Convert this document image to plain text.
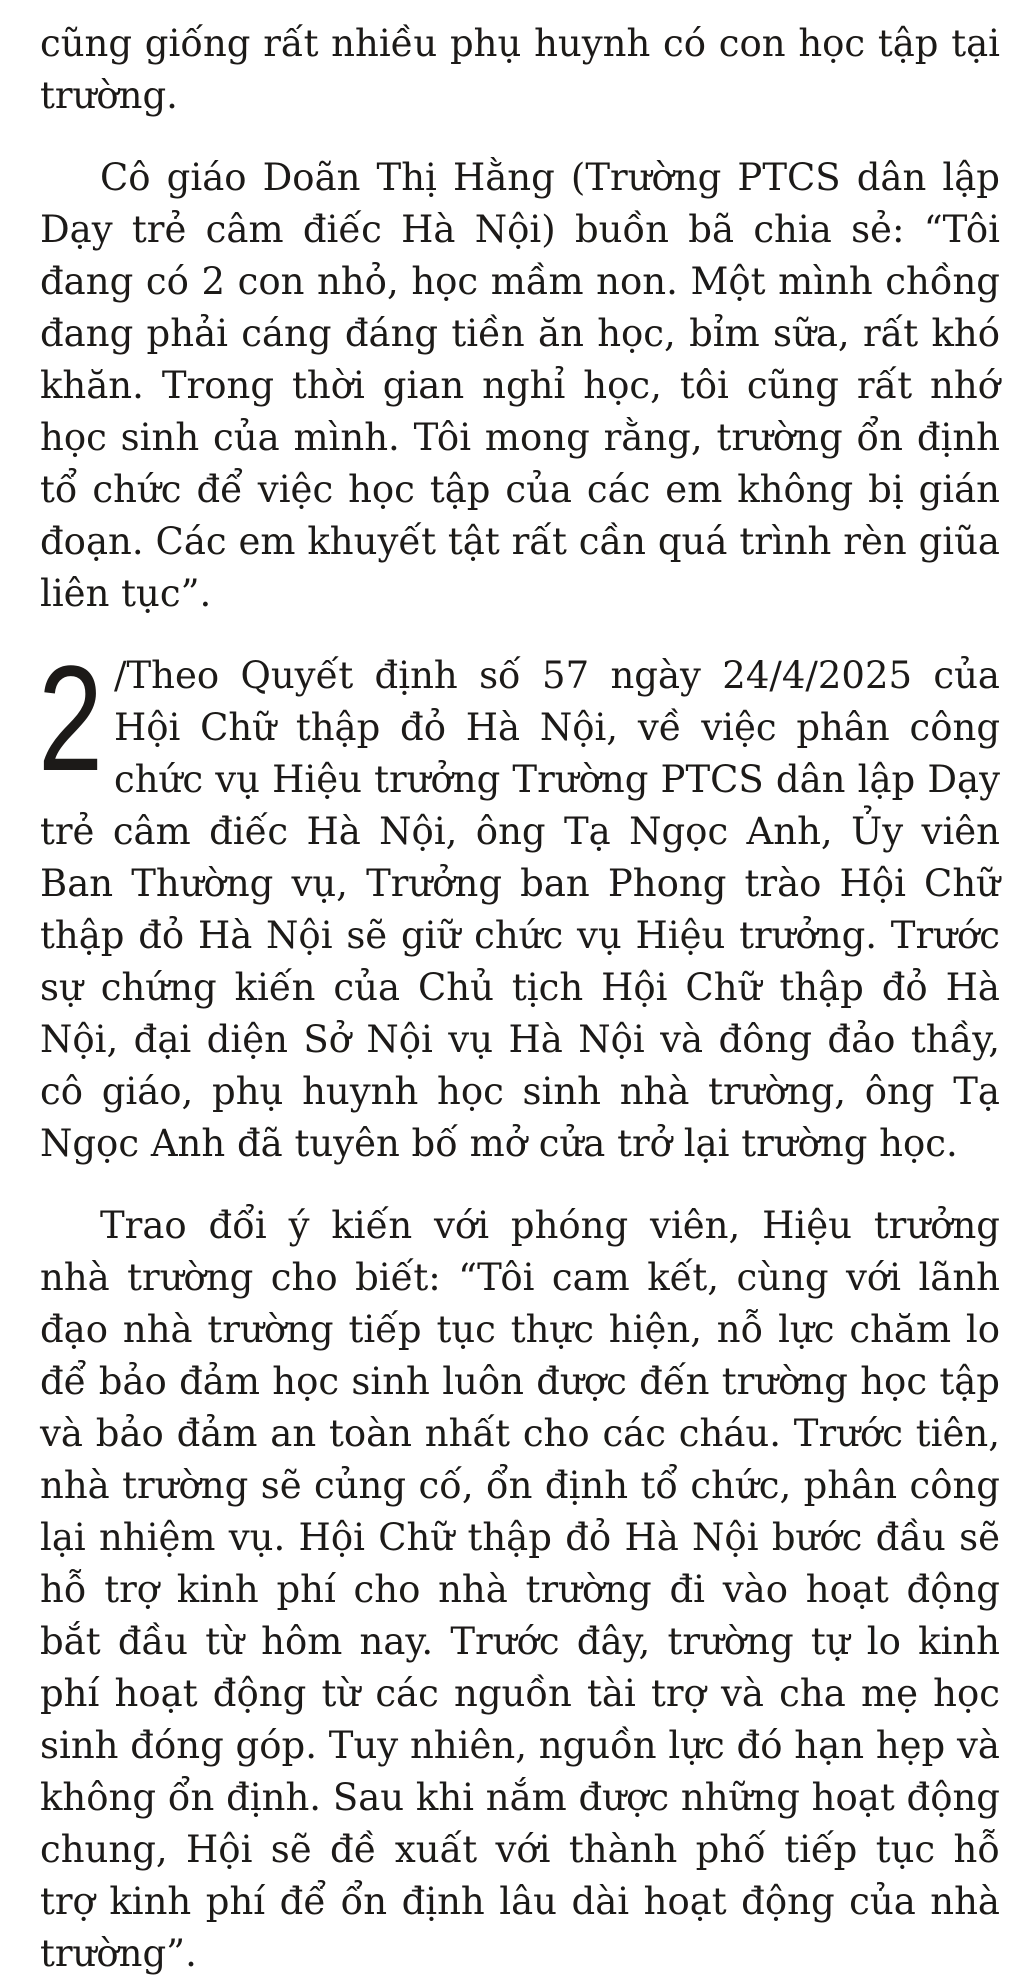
cũng giống rất nhiều phụ huynh có con học tập tại trường.

Cô giáo Doãn Thị Hằng (Trường PTCS dân lập Dạy trẻ câm điếc Hà Nội) buồn bã chia sẻ: “Tôi đang có 2 con nhỏ, học mầm non. Một mình chồng đang phải cáng đáng tiền ăn học, bỉm sữa, rất khó khăn. Trong thời gian nghỉ học, tôi cũng rất nhớ học sinh của mình. Tôi mong rằng, trường ổn định tổ chức để việc học tập của các em không bị gián đoạn. Các em khuyết tật rất cần quá trình rèn giũa liên tục”.

2 /Theo Quyết định số 57 ngày 24/4/2025 của Hội Chữ thập đỏ Hà Nội, về việc phân công chức vụ Hiệu trưởng Trường PTCS dân lập Dạy trẻ câm điếc Hà Nội, ông Tạ Ngọc Anh, Ủy viên Ban Thường vụ, Trưởng ban Phong trào Hội Chữ thập đỏ Hà Nội sẽ giữ chức vụ Hiệu trưởng. Trước sự chứng kiến của Chủ tịch Hội Chữ thập đỏ Hà Nội, đại diện Sở Nội vụ Hà Nội và đông đảo thầy, cô giáo, phụ huynh học sinh nhà trường, ông Tạ Ngọc Anh đã tuyên bố mở cửa trở lại trường học.

Trao đổi ý kiến với phóng viên, Hiệu trưởng nhà trường cho biết: “Tôi cam kết, cùng với lãnh đạo nhà trường tiếp tục thực hiện, nỗ lực chăm lo để bảo đảm học sinh luôn được đến trường học tập và bảo đảm an toàn nhất cho các cháu. Trước tiên, nhà trường sẽ củng cố, ổn định tổ chức, phân công lại nhiệm vụ. Hội Chữ thập đỏ Hà Nội bước đầu sẽ hỗ trợ kinh phí cho nhà trường đi vào hoạt động bắt đầu từ hôm nay. Trước đây, trường tự lo kinh phí hoạt động từ các nguồn tài trợ và cha mẹ học sinh đóng góp. Tuy nhiên, nguồn lực đó hạn hẹp và không ổn định. Sau khi nắm được những hoạt động chung, Hội sẽ đề xuất với thành phố tiếp tục hỗ trợ kinh phí để ổn định lâu dài hoạt động của nhà trường”.
